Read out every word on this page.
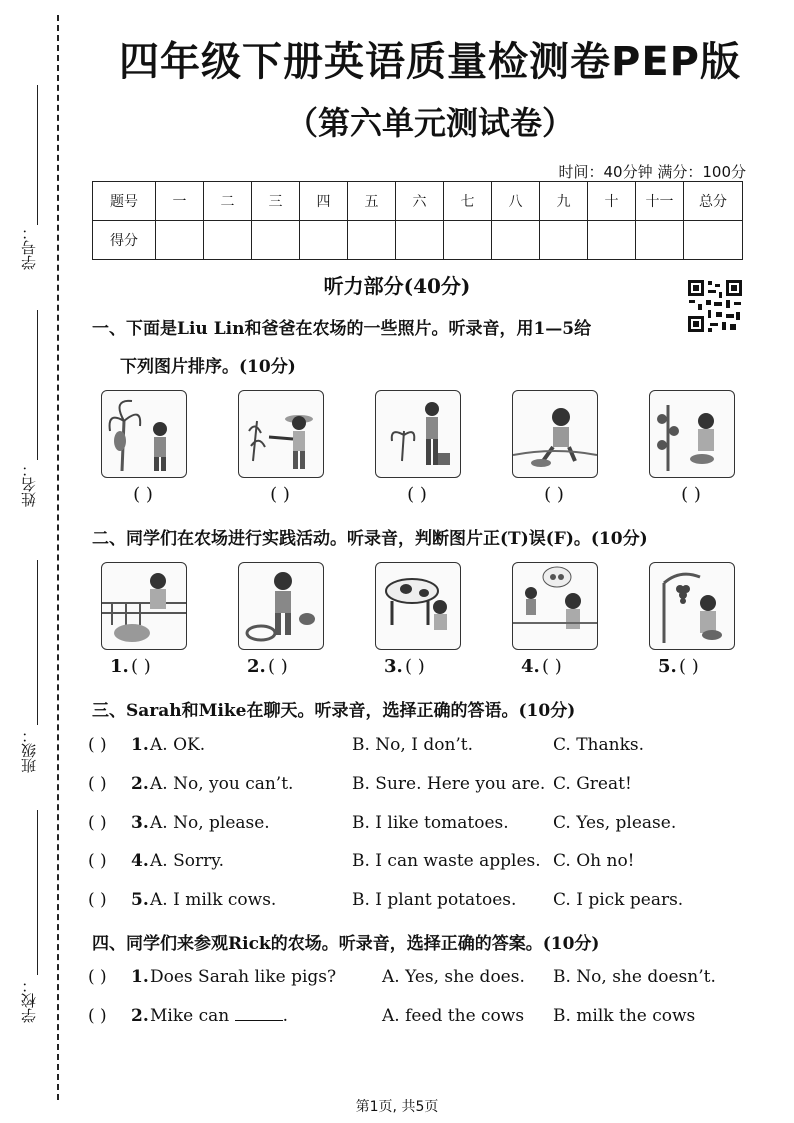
学号：
姓名：
班级：
学校：
四年级下册英语质量检测卷PEP版
（第六单元测试卷）
时间：40分钟 满分：100分
题号	一	二	三	四	五	六	七	八	九	十	十一	总分
得分												
听力部分(40分)
一、下面是Liu Lin和爸爸在农场的一些照片。听录音，用1—5给
下列图片排序。(10分)
( )	( )	( )	( )	( )
二、同学们在农场进行实践活动。听录音，判断图片正(T)误(F)。(10分)
1. ( )	2. ( )	3. ( )	4. ( )	5. ( )
三、Sarah和Mike在聊天。听录音，选择正确的答语。(10分)
( ) 1. A. OK.	B. No, I don’t.	C. Thanks.
( ) 2. A. No, you can’t.	B. Sure. Here you are. C. Great!
( ) 3. A. No, please.	B. I like tomatoes.	C. Yes, please.
( ) 4. A. Sorry.	B. I can waste apples. C. Oh no!
( ) 5. A. I milk cows.	B. I plant potatoes. C. I pick pears.
四、同学们来参观Rick的农场。听录音，选择正确的答案。(10分)
( ) 1. Does Sarah like pigs?	A. Yes, she does. B. No, she doesn’t.
( ) 2. Mike can	.	A. feed the cows B. milk the cows
第1页, 共5页
